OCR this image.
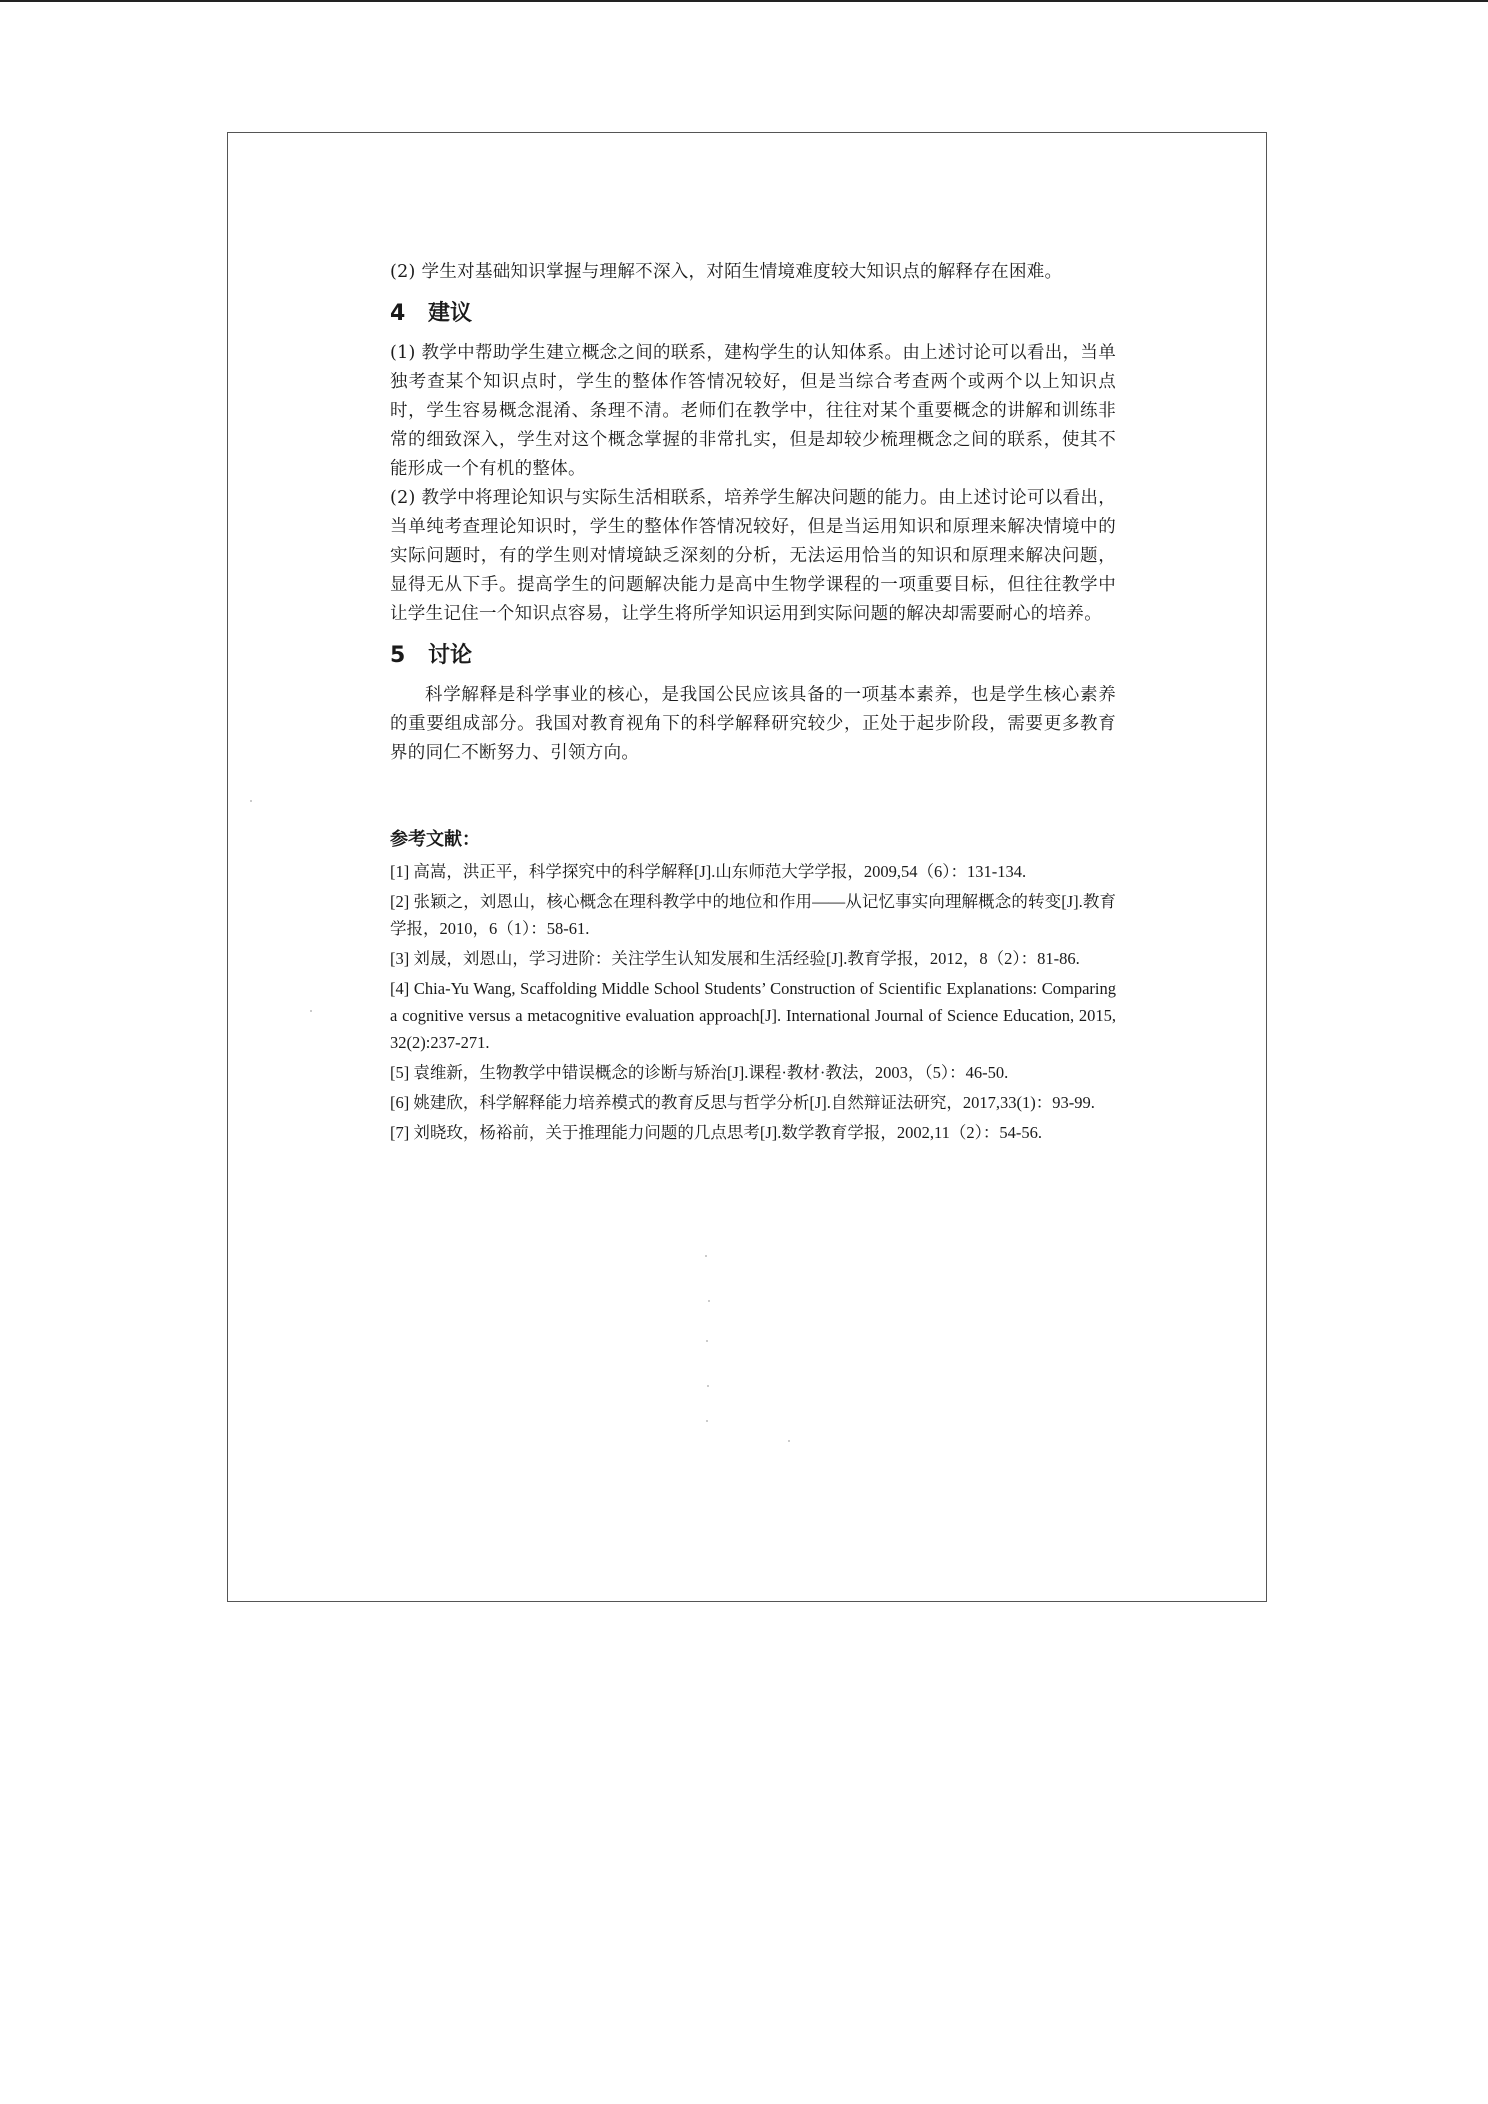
(2) 学生对基础知识掌握与理解不深入，对陌生情境难度较大知识点的解释存在困难。

4 建议

(1) 教学中帮助学生建立概念之间的联系，建构学生的认知体系。由上述讨论可以看出，当单独考查某个知识点时，学生的整体作答情况较好，但是当综合考查两个或两个以上知识点时，学生容易概念混淆、条理不清。老师们在教学中，往往对某个重要概念的讲解和训练非常的细致深入，学生对这个概念掌握的非常扎实，但是却较少梳理概念之间的联系，使其不能形成一个有机的整体。

(2) 教学中将理论知识与实际生活相联系，培养学生解决问题的能力。由上述讨论可以看出，当单纯考查理论知识时，学生的整体作答情况较好，但是当运用知识和原理来解决情境中的实际问题时，有的学生则对情境缺乏深刻的分析，无法运用恰当的知识和原理来解决问题，显得无从下手。提高学生的问题解决能力是高中生物学课程的一项重要目标，但往往教学中让学生记住一个知识点容易，让学生将所学知识运用到实际问题的解决却需要耐心的培养。

5 讨论

科学解释是科学事业的核心，是我国公民应该具备的一项基本素养，也是学生核心素养的重要组成部分。我国对教育视角下的科学解释研究较少，正处于起步阶段，需要更多教育界的同仁不断努力、引领方向。

参考文献：

[1] 高嵩，洪正平，科学探究中的科学解释[J].山东师范大学学报，2009,54（6）：131-134.

[2] 张颖之，刘恩山，核心概念在理科教学中的地位和作用——从记忆事实向理解概念的转变[J].教育学报，2010，6（1）：58-61.

[3] 刘晟，刘恩山，学习进阶：关注学生认知发展和生活经验[J].教育学报，2012，8（2）：81-86.

[4] Chia-Yu Wang, Scaffolding Middle School Students’ Construction of Scientific Explanations: Comparing a cognitive versus a metacognitive evaluation approach[J]. International Journal of Science Education, 2015, 32(2):237-271.

[5] 袁维新，生物教学中错误概念的诊断与矫治[J].课程·教材·教法，2003，（5）：46-50.

[6] 姚建欣，科学解释能力培养模式的教育反思与哲学分析[J].自然辩证法研究，2017,33(1)：93-99.

[7] 刘晓玫，杨裕前，关于推理能力问题的几点思考[J].数学教育学报，2002,11（2）：54-56.
